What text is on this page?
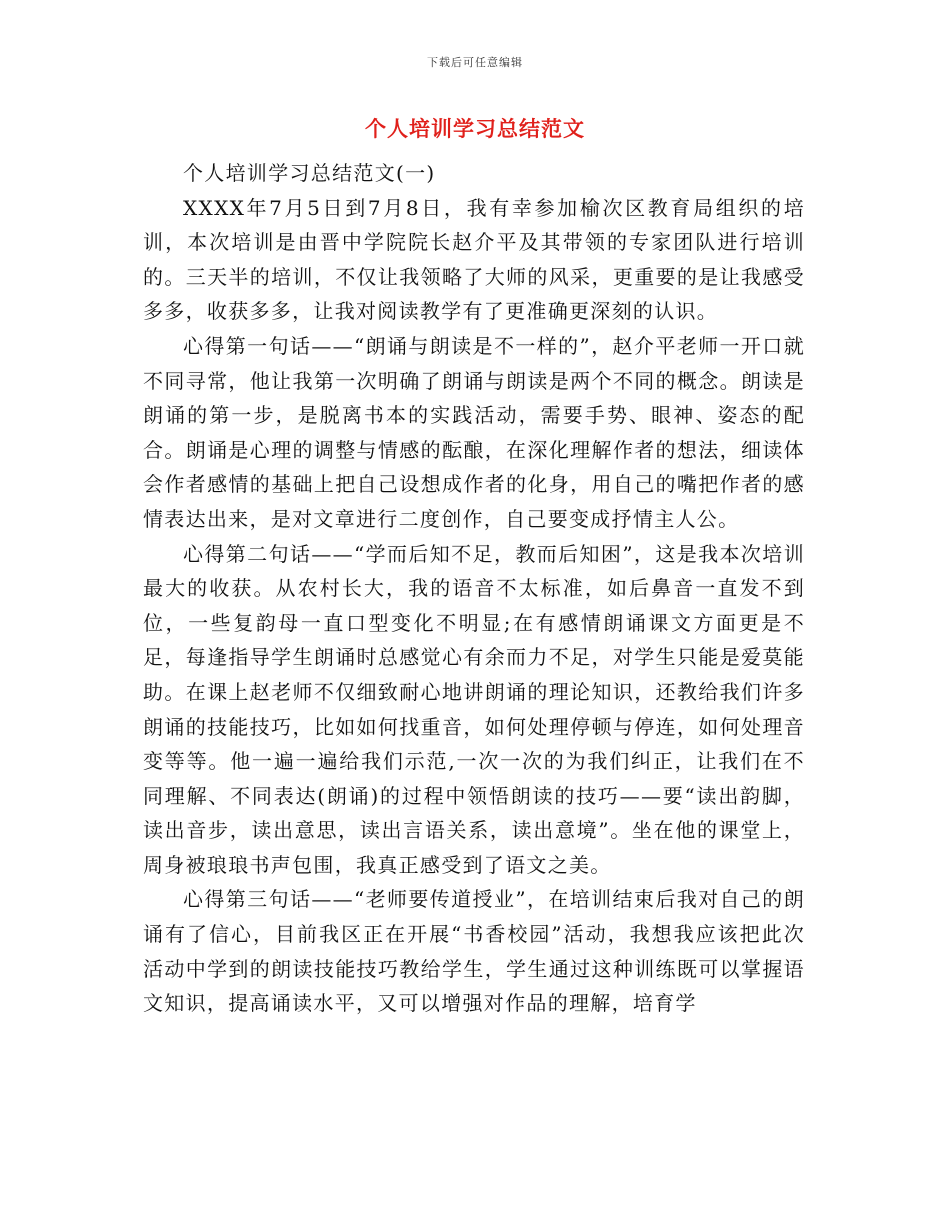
下载后可任意编辑
个人培训学习总结范文

个人培训学习总结范文(一)

XXXX年7月5日到7月8日，我有幸参加榆次区教育局组织的培训，本次培训是由晋中学院院长赵介平及其带领的专家团队进行培训的。三天半的培训，不仅让我领略了大师的风采，更重要的是让我感受多多，收获多多，让我对阅读教学有了更准确更深刻的认识。

心得第一句话——“朗诵与朗读是不一样的”，赵介平老师一开口就不同寻常，他让我第一次明确了朗诵与朗读是两个不同的概念。朗读是朗诵的第一步，是脱离书本的实践活动，需要手势、眼神、姿态的配合。朗诵是心理的调整与情感的酝酿，在深化理解作者的想法，细读体会作者感情的基础上把自己设想成作者的化身，用自己的嘴把作者的感情表达出来，是对文章进行二度创作，自己要变成抒情主人公。

心得第二句话——“学而后知不足，教而后知困”，这是我本次培训最大的收获。从农村长大，我的语音不太标准，如后鼻音一直发不到位，一些复韵母一直口型变化不明显;在有感情朗诵课文方面更是不足，每逢指导学生朗诵时总感觉心有余而力不足，对学生只能是爱莫能助。在课上赵老师不仅细致耐心地讲朗诵的理论知识，还教给我们许多朗诵的技能技巧，比如如何找重音，如何处理停顿与停连，如何处理音变等等。他一遍一遍给我们示范,一次一次的为我们纠正，让我们在不同理解、不同表达(朗诵)的过程中领悟朗读的技巧——要“读出韵脚，读出音步，读出意思，读出言语关系，读出意境”。坐在他的课堂上，周身被琅琅书声包围，我真正感受到了语文之美。

心得第三句话——“老师要传道授业”，在培训结束后我对自己的朗诵有了信心，目前我区正在开展“书香校园”活动，我想我应该把此次活动中学到的朗读技能技巧教给学生，学生通过这种训练既可以掌握语文知识，提高诵读水平，又可以增强对作品的理解，培育学
